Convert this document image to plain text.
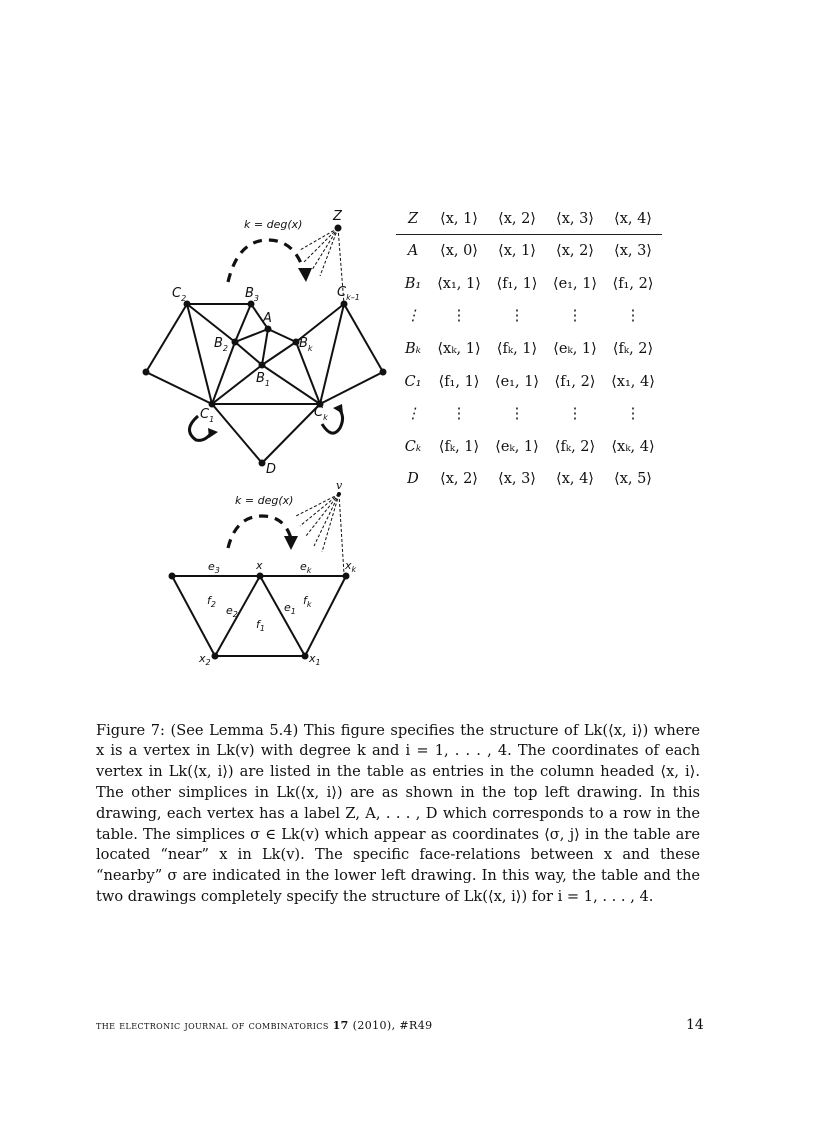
k = deg(x)
Z
$C_2$	$B_3$	$C_{k-1}$
A
$B_2$	$B_k$
$B_1$
$C_1$	$C_k$
D
k = deg(x)
v
$e_3$	x	$e_k$	$x_k$
$f_2$ $e_2$
$f_1$
$e_1$
$f_k$
$x_2$	$x_1$
Z	⟨x, 1⟩	⟨x, 2⟩	⟨x, 3⟩	⟨x, 4⟩
A	⟨x, 0⟩	⟨x, 1⟩	⟨x, 2⟩	⟨x, 3⟩
B₁	⟨x₁, 1⟩	⟨f₁, 1⟩	⟨e₁, 1⟩	⟨f₁, 2⟩
⋮	⋮	⋮	⋮	⋮
Bₖ	⟨xₖ, 1⟩	⟨fₖ, 1⟩	⟨eₖ, 1⟩	⟨fₖ, 2⟩
C₁	⟨f₁, 1⟩	⟨e₁, 1⟩	⟨f₁, 2⟩	⟨x₁, 4⟩
⋮	⋮	⋮	⋮	⋮
Cₖ	⟨fₖ, 1⟩	⟨eₖ, 1⟩	⟨fₖ, 2⟩	⟨xₖ, 4⟩
D	⟨x, 2⟩	⟨x, 3⟩	⟨x, 4⟩	⟨x, 5⟩

Figure 7: (See Lemma 5.4) This figure specifies the structure of Lk(⟨x, i⟩) where x is a vertex in Lk(v) with degree k and i = 1, . . . , 4. The coordinates of each vertex in Lk(⟨x, i⟩) are listed in the table as entries in the column headed ⟨x, i⟩. The other simplices in Lk(⟨x, i⟩) are as shown in the top left drawing. In this drawing, each vertex has a label Z, A, . . . , D which corresponds to a row in the table. The simplices σ ∈ Lk(v) which appear as coordinates ⟨σ, j⟩ in the table are located “near” x in Lk(v). The specific face-relations between x and these “nearby” σ are indicated in the lower left drawing. In this way, the table and the two drawings completely specify the structure of Lk(⟨x, i⟩) for i = 1, . . . , 4.

the electronic journal of combinatorics 17 (2010), #R49	14
